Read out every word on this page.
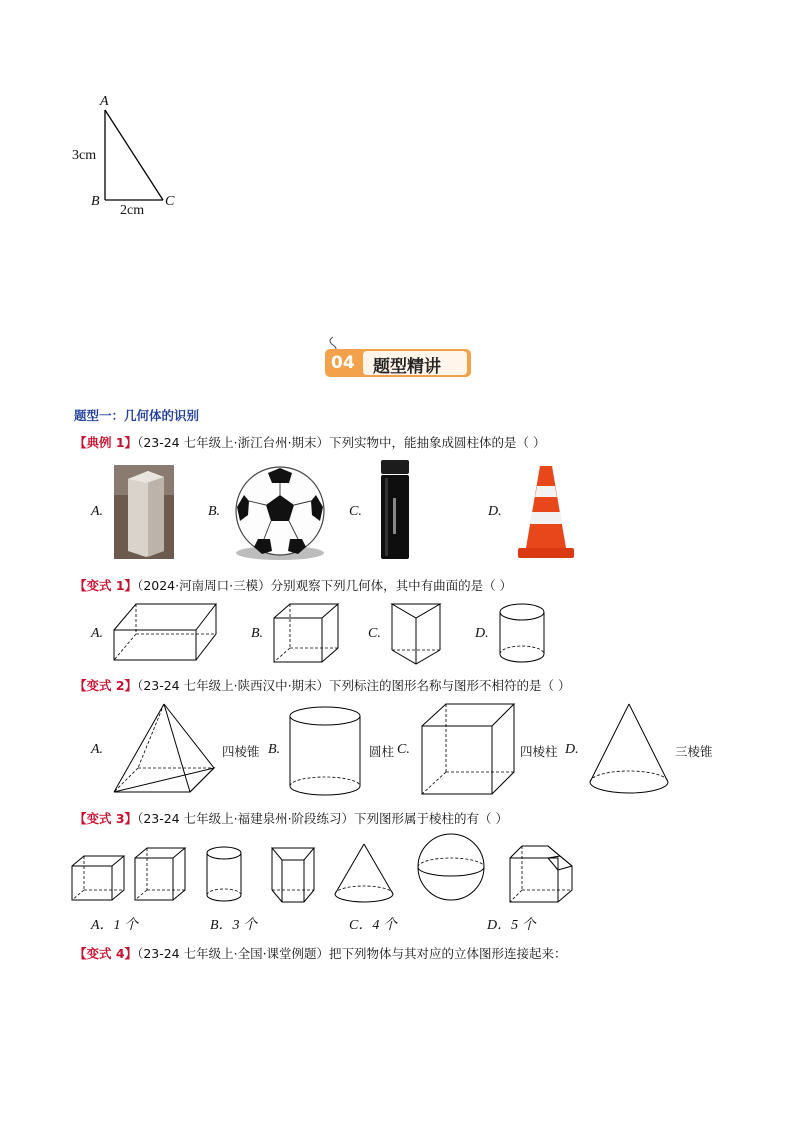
A
3cm
B	C
2cm
04 题型精讲
题型一：几何体的识别
【典例 1】（23-24 七年级上·浙江台州·期末）下列实物中，能抽象成圆柱体的是（ ）
A.	B.	C.	D.
【变式 1】（2024·河南周口·三模）分别观察下列几何体，其中有曲面的是（ ）
A.	B.	C.	D.
【变式 2】（23-24 七年级上·陕西汉中·期末）下列标注的图形名称与图形不相符的是（ ）
A.	四棱锥 B.	圆柱 C.	四棱柱 D.	三棱锥
【变式 3】（23-24 七年级上·福建泉州·阶段练习）下列图形属于棱柱的有（ ）
A．1 个	B．3 个	C．4 个	D．5 个
【变式 4】（23-24 七年级上·全国·课堂例题）把下列物体与其对应的立体图形连接起来：
